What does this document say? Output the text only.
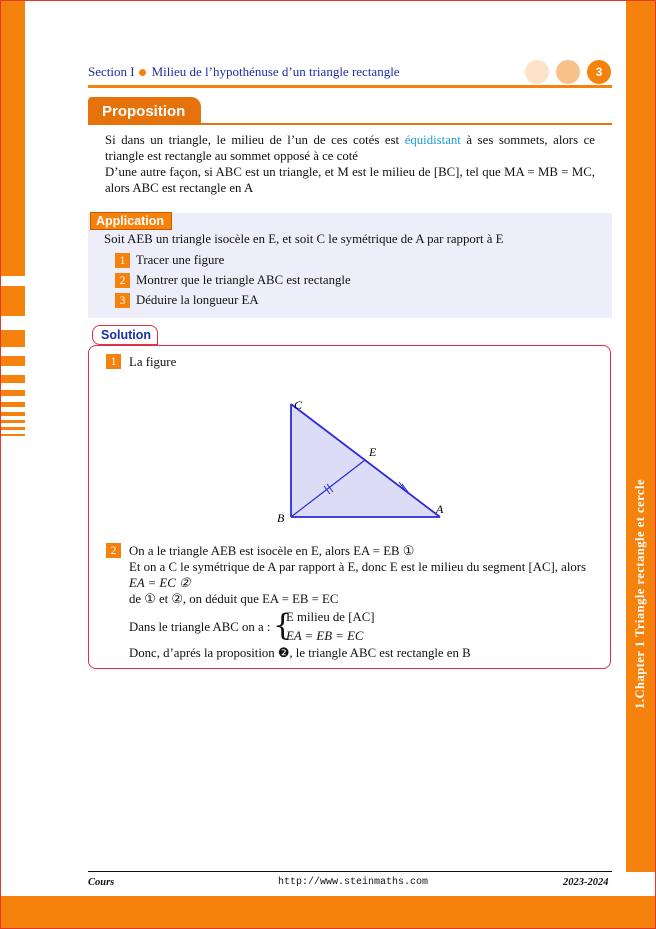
1.Chapter 1 Triangle rectangle et cercle
Section I Milieu de l’hypothénuse d’un triangle rectangle	3
Proposition
Si dans un triangle, le milieu de l’un de ces cotés est équidistant à ses sommets, alors ce triangle est rectangle au sommet opposé à ce coté
D’une autre façon, si ABC est un triangle, et M est le milieu de [BC], tel que MA = MB = MC, alors ABC est rectangle en A
Application
Soit AEB un triangle isocèle en E, et soit C le symétrique de A par rapport à E
1 Tracer une figure
2 Montrer que le triangle ABC est rectangle
3 Déduire la longueur EA
Solution
1 La figure
C
E
B
A
2 On a le triangle AEB est isocèle en E, alors EA = EB ①
Et on a C le symétrique de A par rapport à E, donc E est le milieu du segment [AC], alors
EA = EC ②
de ① et ②, on déduit que EA = EB = EC
Dans le triangle ABC on a : {
E milieu de [AC]
EA = EB = EC
Donc, d’aprés la proposition ❷, le triangle ABC est rectangle en B
Cours	http://www.steinmaths.com	2023-2024
